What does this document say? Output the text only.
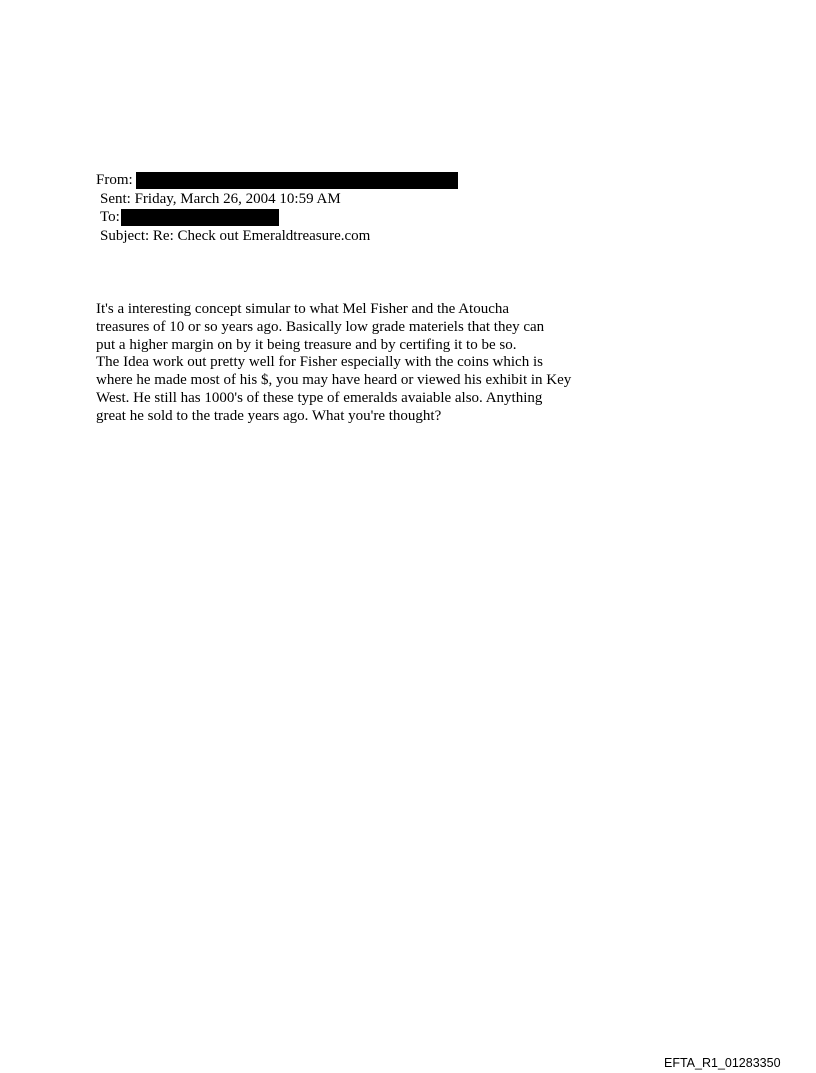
From:
Sent: Friday, March 26, 2004 10:59 AM
To:
Subject: Re: Check out Emeraldtreasure.com
It's a interesting concept simular to what Mel Fisher and the Atoucha
treasures of 10 or so years ago. Basically low grade materiels that they can
put a higher margin on by it being treasure and by certifing it to be so.
The Idea work out pretty well for Fisher especially with the coins which is
where he made most of his $, you may have heard or viewed his exhibit in Key
West. He still has 1000's of these type of emeralds avaiable also. Anything
great he sold to the trade years ago. What you're thought?
EFTA_R1_01283350
